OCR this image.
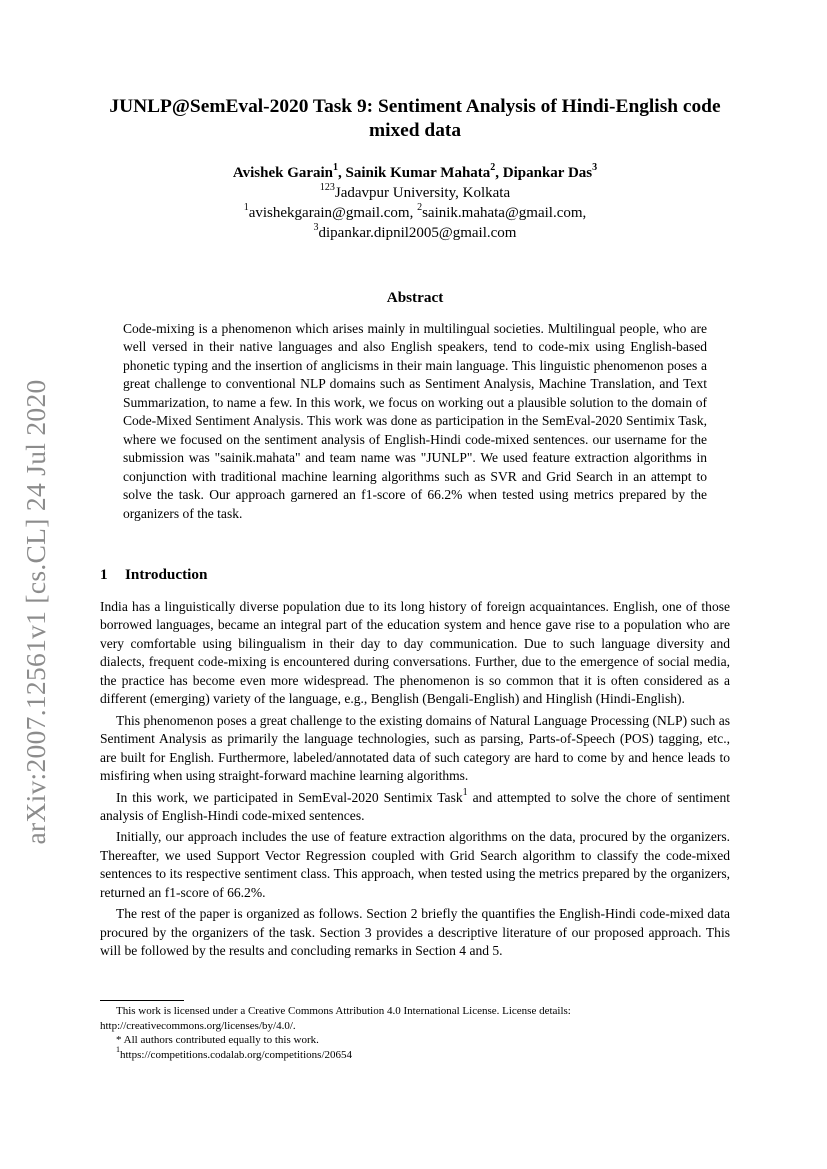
arXiv:2007.12561v1 [cs.CL] 24 Jul 2020
JUNLP@SemEval-2020 Task 9: Sentiment Analysis of Hindi-English code mixed data
Avishek Garain$^1$, Sainik Kumar Mahata$^2$, Dipankar Das$^3$
$^{123}$Jadavpur University, Kolkata
$^1$avishekgarain@gmail.com, $^2$sainik.mahata@gmail.com,
$^3$dipankar.dipnil2005@gmail.com
Abstract
Code-mixing is a phenomenon which arises mainly in multilingual societies. Multilingual people, who are well versed in their native languages and also English speakers, tend to code-mix using English-based phonetic typing and the insertion of anglicisms in their main language. This linguistic phenomenon poses a great challenge to conventional NLP domains such as Sentiment Analysis, Machine Translation, and Text Summarization, to name a few. In this work, we focus on working out a plausible solution to the domain of Code-Mixed Sentiment Analysis. This work was done as participation in the SemEval-2020 Sentimix Task, where we focused on the sentiment analysis of English-Hindi code-mixed sentences. our username for the submission was "sainik.mahata" and team name was "JUNLP". We used feature extraction algorithms in conjunction with traditional machine learning algorithms such as SVR and Grid Search in an attempt to solve the task. Our approach garnered an f1-score of 66.2% when tested using metrics prepared by the organizers of the task.
1 Introduction

India has a linguistically diverse population due to its long history of foreign acquaintances. English, one of those borrowed languages, became an integral part of the education system and hence gave rise to a population who are very comfortable using bilingualism in their day to day communication. Due to such language diversity and dialects, frequent code-mixing is encountered during conversations. Further, due to the emergence of social media, the practice has become even more widespread. The phenomenon is so common that it is often considered as a different (emerging) variety of the language, e.g., Benglish (Bengali-English) and Hinglish (Hindi-English).

This phenomenon poses a great challenge to the existing domains of Natural Language Processing (NLP) such as Sentiment Analysis as primarily the language technologies, such as parsing, Parts-of-Speech (POS) tagging, etc., are built for English. Furthermore, labeled/annotated data of such category are hard to come by and hence leads to misfiring when using straight-forward machine learning algorithms.

In this work, we participated in SemEval-2020 Sentimix Task$^1$ and attempted to solve the chore of sentiment analysis of English-Hindi code-mixed sentences.

Initially, our approach includes the use of feature extraction algorithms on the data, procured by the organizers. Thereafter, we used Support Vector Regression coupled with Grid Search algorithm to classify the code-mixed sentences to its respective sentiment class. This approach, when tested using the metrics prepared by the organizers, returned an f1-score of 66.2%.

The rest of the paper is organized as follows. Section 2 briefly the quantifies the English-Hindi code-mixed data procured by the organizers of the task. Section 3 provides a descriptive literature of our proposed approach. This will be followed by the results and concluding remarks in Section 4 and 5.

This work is licensed under a Creative Commons Attribution 4.0 International License. License details: http://creativecommons.org/licenses/by/4.0/.

* All authors contributed equally to this work.

$^1$https://competitions.codalab.org/competitions/20654
